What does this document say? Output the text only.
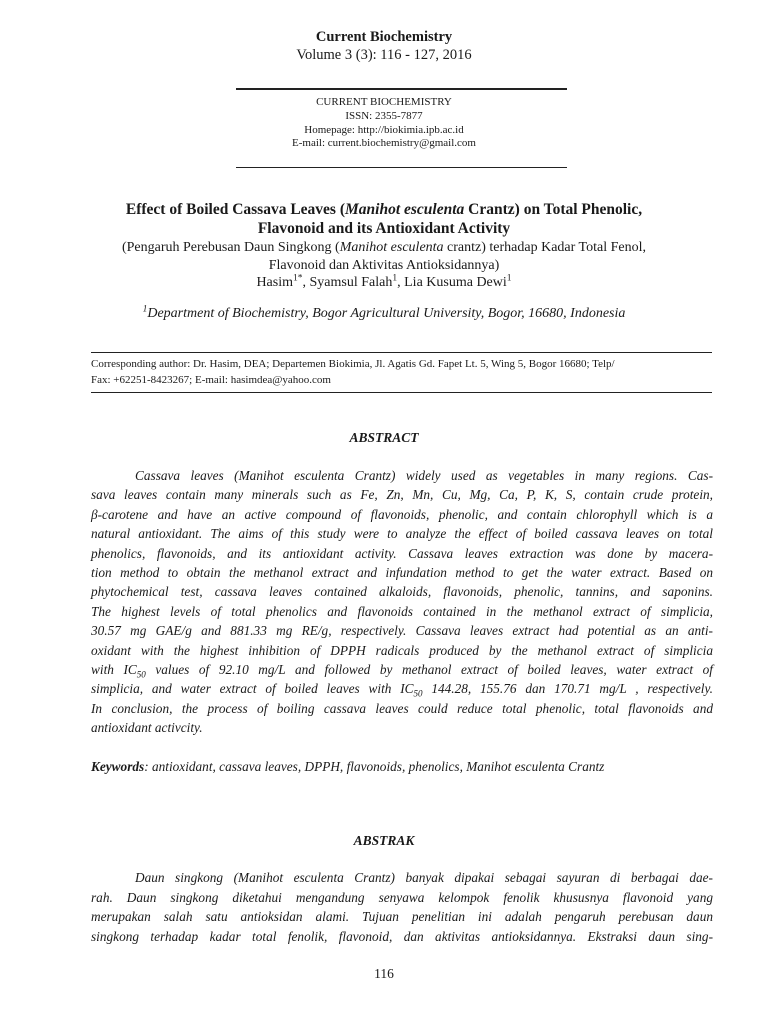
Current Biochemistry
Volume 3 (3): 116 - 127, 2016
CURRENT BIOCHEMISTRY
ISSN: 2355-7877
Homepage: http://biokimia.ipb.ac.id
E-mail: current.biochemistry@gmail.com
Effect of Boiled Cassava Leaves (Manihot esculenta Crantz) on Total Phenolic,
Flavonoid and its Antioxidant Activity
(Pengaruh Perebusan Daun Singkong (Manihot esculenta crantz) terhadap Kadar Total Fenol,
Flavonoid dan Aktivitas Antioksidannya)
Hasim$^{1*}$, Syamsul Falah$^1$, Lia Kusuma Dewi$^1$
$^1$Department of Biochemistry, Bogor Agricultural University, Bogor, 16680, Indonesia
Corresponding author: Dr. Hasim, DEA; Departemen Biokimia, Jl. Agatis Gd. Fapet Lt. 5, Wing 5, Bogor 16680; Telp/
Fax: +62251-8423267; E-mail: hasimdea@yahoo.com
ABSTRACT
Cassava leaves (Manihot esculenta Crantz) widely used as vegetables in many regions. Cas-
sava leaves contain many minerals such as Fe, Zn, Mn, Cu, Mg, Ca, P, K, S, contain crude protein,
β-carotene and have an active compound of flavonoids, phenolic, and contain chlorophyll which is a
natural antioxidant. The aims of this study were to analyze the effect of boiled cassava leaves on total
phenolics, flavonoids, and its antioxidant activity. Cassava leaves extraction was done by macera-
tion method to obtain the methanol extract and infundation method to get the water extract. Based on
phytochemical test, cassava leaves contained alkaloids, flavonoids, phenolic, tannins, and saponins.
The highest levels of total phenolics and flavonoids contained in the methanol extract of simplicia,
30.57 mg GAE/g and 881.33 mg RE/g, respectively. Cassava leaves extract had potential as an anti-
oxidant with the highest inhibition of DPPH radicals produced by the methanol extract of simplicia
with $IC_{50}$ values of 92.10 mg/L and followed by methanol extract of boiled leaves, water extract of
simplicia, and water extract of boiled leaves with $IC_{50}$ 144.28, 155.76 dan 170.71 mg/L , respectively.
In conclusion, the process of boiling cassava leaves could reduce total phenolic, total flavonoids and
antioxidant activcity.
Keywords: antioxidant, cassava leaves, DPPH, flavonoids, phenolics, Manihot esculenta Crantz
ABSTRAK
Daun singkong (Manihot esculenta Crantz) banyak dipakai sebagai sayuran di berbagai dae-
rah. Daun singkong diketahui mengandung senyawa kelompok fenolik khususnya flavonoid yang
merupakan salah satu antioksidan alami. Tujuan penelitian ini adalah pengaruh perebusan daun
singkong terhadap kadar total fenolik, flavonoid, dan aktivitas antioksidannya. Ekstraksi daun sing-
116
